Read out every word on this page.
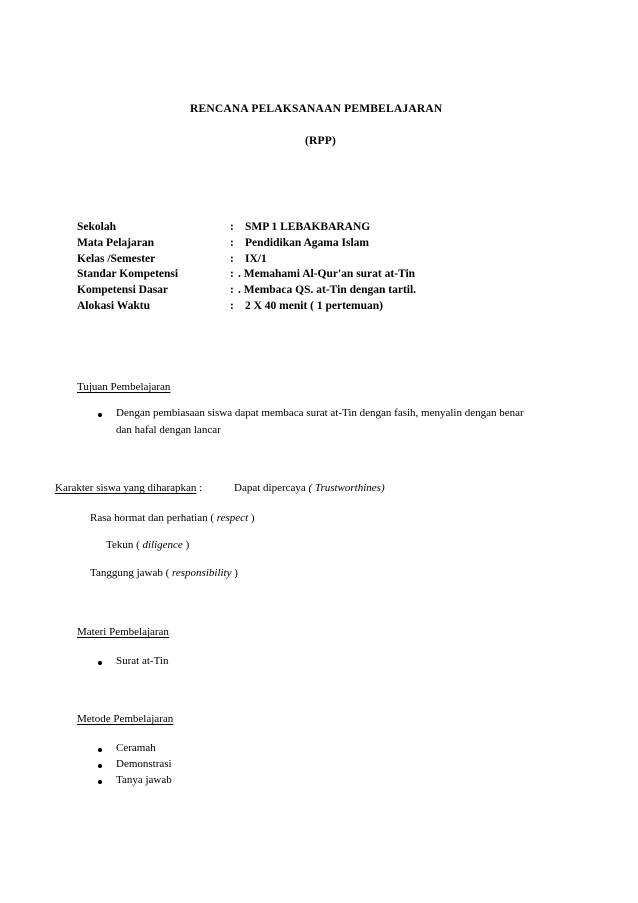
RENCANA PELAKSANAAN PEMBELAJARAN
(RPP)
Sekolah	: SMP 1 LEBAKBARANG
Mata Pelajaran	: Pendidikan Agama Islam
Kelas /Semester	: IX/1
Standar Kompetensi	: . Memahami Al-Qur'an surat at-Tin
Kompetensi Dasar	: . Membaca QS. at-Tin dengan tartil.
Alokasi Waktu	: 2 X 40 menit ( 1 pertemuan)
Tujuan Pembelajaran
Dengan pembiasaan siswa dapat membaca surat at-Tin dengan fasih, menyalin dengan benar
dan hafal dengan lancar
Karakter siswa yang diharapkan :	Dapat dipercaya ( Trustworthines)
Rasa hormat dan perhatian ( respect )
Tekun ( diligence )
Tanggung jawab ( responsibility )
Materi Pembelajaran
Surat at-Tin
Metode Pembelajaran
Ceramah
Demonstrasi
Tanya jawab
